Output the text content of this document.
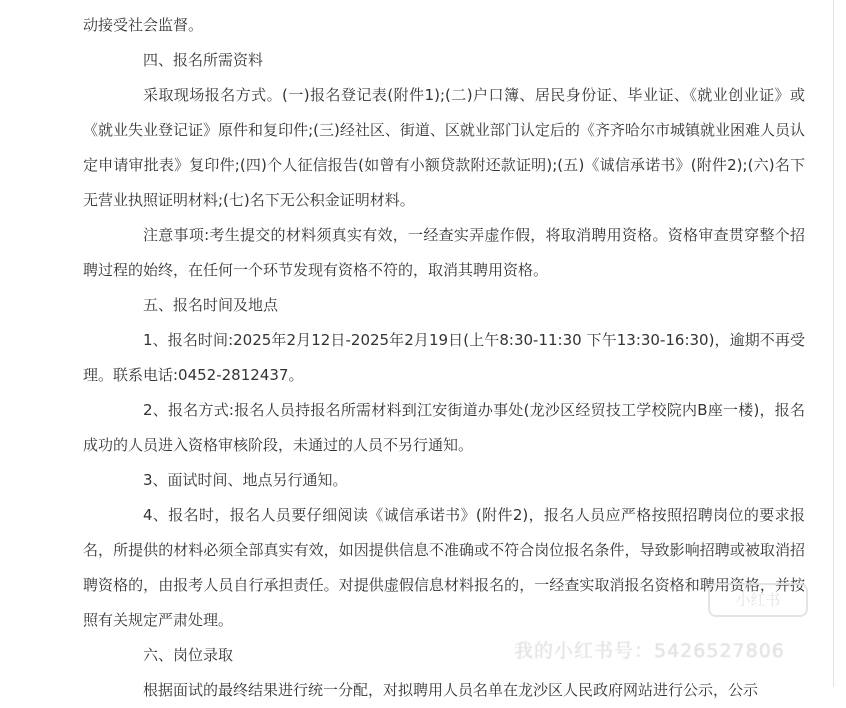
动接受社会监督。

四、报名所需资料

采取现场报名方式。(一)报名登记表(附件1);(二)户口簿、居民身份证、毕业证、《就业创业证》或《就业失业登记证》原件和复印件;(三)经社区、街道、区就业部门认定后的《齐齐哈尔市城镇就业困难人员认定申请审批表》复印件;(四)个人征信报告(如曾有小额贷款附还款证明);(五)《诚信承诺书》(附件2);(六)名下无营业执照证明材料;(七)名下无公积金证明材料。

注意事项:考生提交的材料须真实有效，一经查实弄虚作假，将取消聘用资格。资格审查贯穿整个招聘过程的始终，在任何一个环节发现有资格不符的，取消其聘用资格。

五、报名时间及地点

1、报名时间:2025年2月12日-2025年2月19日(上午8:30-11:30 下午13:30-16:30)，逾期不再受理。联系电话:0452-2812437。

2、报名方式:报名人员持报名所需材料到江安街道办事处(龙沙区经贸技工学校院内B座一楼)，报名成功的人员进入资格审核阶段，未通过的人员不另行通知。

3、面试时间、地点另行通知。

4、报名时，报名人员要仔细阅读《诚信承诺书》(附件2)，报名人员应严格按照招聘岗位的要求报名，所提供的材料必须全部真实有效，如因提供信息不准确或不符合岗位报名条件，导致影响招聘或被取消招聘资格的，由报考人员自行承担责任。对提供虚假信息材料报名的，一经查实取消报名资格和聘用资格，并按照有关规定严肃处理。

六、岗位录取

根据面试的最终结果进行统一分配，对拟聘用人员名单在龙沙区人民政府网站进行公示，公示

小红书
我的小红书号：5426527806
